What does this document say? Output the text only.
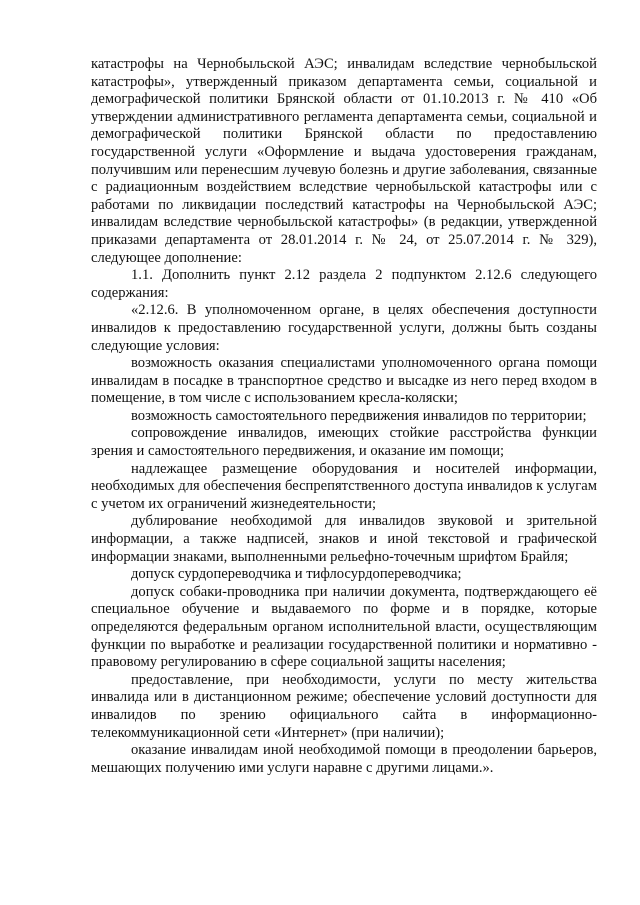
катастрофы на Чернобыльской АЭС; инвалидам вследствие чернобыльской катастрофы», утвержденный приказом департамента семьи, социальной и демографической политики Брянской области от 01.10.2013 г. № 410 «Об утверждении административного регламента департамента семьи, социальной и демографической политики Брянской области по предоставлению государственной услуги «Оформление и выдача удостоверения гражданам, получившим или перенесшим лучевую болезнь и другие заболевания, связанные с радиационным воздействием вследствие чернобыльской катастрофы или с работами по ликвидации последствий катастрофы на Чернобыльской АЭС; инвалидам вследствие чернобыльской катастрофы» (в редакции, утвержденной приказами департамента от 28.01.2014 г. № 24, от 25.07.2014 г. № 329), следующее дополнение:

1.1. Дополнить пункт 2.12 раздела 2 подпунктом 2.12.6 следующего содержания:

«2.12.6. В уполномоченном органе, в целях обеспечения доступности инвалидов к предоставлению государственной услуги, должны быть созданы следующие условия:

возможность оказания специалистами уполномоченного органа помощи инвалидам в посадке в транспортное средство и высадке из него перед входом в помещение, в том числе с использованием кресла-коляски;

возможность самостоятельного передвижения инвалидов по территории;

сопровождение инвалидов, имеющих стойкие расстройства функции зрения и самостоятельного передвижения, и оказание им помощи;

надлежащее размещение оборудования и носителей информации, необходимых для обеспечения беспрепятственного доступа инвалидов к услугам с учетом их ограничений жизнедеятельности;

дублирование необходимой для инвалидов звуковой и зрительной информации, а также надписей, знаков и иной текстовой и графической информации знаками, выполненными рельефно-точечным шрифтом Брайля;

допуск сурдопереводчика и тифлосурдопереводчика;

допуск собаки-проводника при наличии документа, подтверждающего её специальное обучение и выдаваемого по форме и в порядке, которые определяются федеральным органом исполнительной власти, осуществляющим функции по выработке и реализации государственной политики и нормативно - правовому регулированию в сфере социальной защиты населения;

предоставление, при необходимости, услуги по месту жительства инвалида или в дистанционном режиме; обеспечение условий доступности для инвалидов по зрению официального сайта в информационно-телекоммуникационной сети «Интернет» (при наличии);

оказание инвалидам иной необходимой помощи в преодолении барьеров, мешающих получению ими услуги наравне с другими лицами.».
